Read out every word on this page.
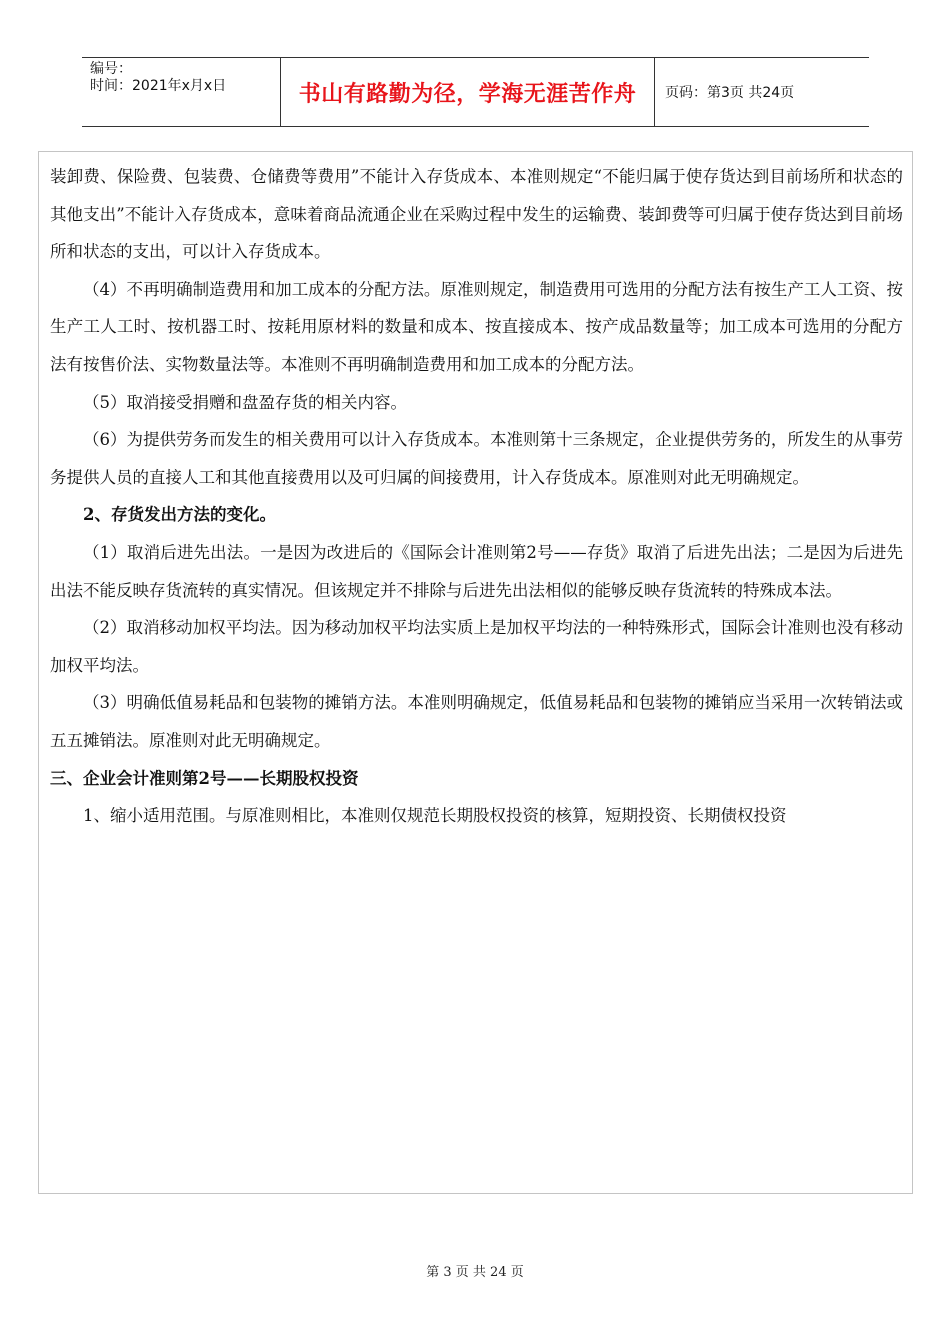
编号：
时间：2021年x月x日	书山有路勤为径，学海无涯苦作舟 页码：第3页 共24页

装卸费、保险费、包装费、仓储费等费用”不能计入存货成本、本准则规定“不能归属于使存货达到目前场所和状态的其他支出”不能计入存货成本，意味着商品流通企业在采购过程中发生的运输费、装卸费等可归属于使存货达到目前场所和状态的支出，可以计入存货成本。

（4）不再明确制造费用和加工成本的分配方法。原准则规定，制造费用可选用的分配方法有按生产工人工资、按生产工人工时、按机器工时、按耗用原材料的数量和成本、按直接成本、按产成品数量等；加工成本可选用的分配方法有按售价法、实物数量法等。本准则不再明确制造费用和加工成本的分配方法。

（5）取消接受捐赠和盘盈存货的相关内容。

（6）为提供劳务而发生的相关费用可以计入存货成本。本准则第十三条规定，企业提供劳务的，所发生的从事劳务提供人员的直接人工和其他直接费用以及可归属的间接费用，计入存货成本。原准则对此无明确规定。

2、存货发出方法的变化。

（1）取消后进先出法。一是因为改进后的《国际会计准则第2号——存货》取消了后进先出法；二是因为后进先出法不能反映存货流转的真实情况。但该规定并不排除与后进先出法相似的能够反映存货流转的特殊成本法。

（2）取消移动加权平均法。因为移动加权平均法实质上是加权平均法的一种特殊形式，国际会计准则也没有移动加权平均法。

（3）明确低值易耗品和包装物的摊销方法。本准则明确规定，低值易耗品和包装物的摊销应当采用一次转销法或五五摊销法。原准则对此无明确规定。

三、企业会计准则第2号——长期股权投资

1、缩小适用范围。与原准则相比，本准则仅规范长期股权投资的核算，短期投资、长期债权投资

第 3 页 共 24 页
